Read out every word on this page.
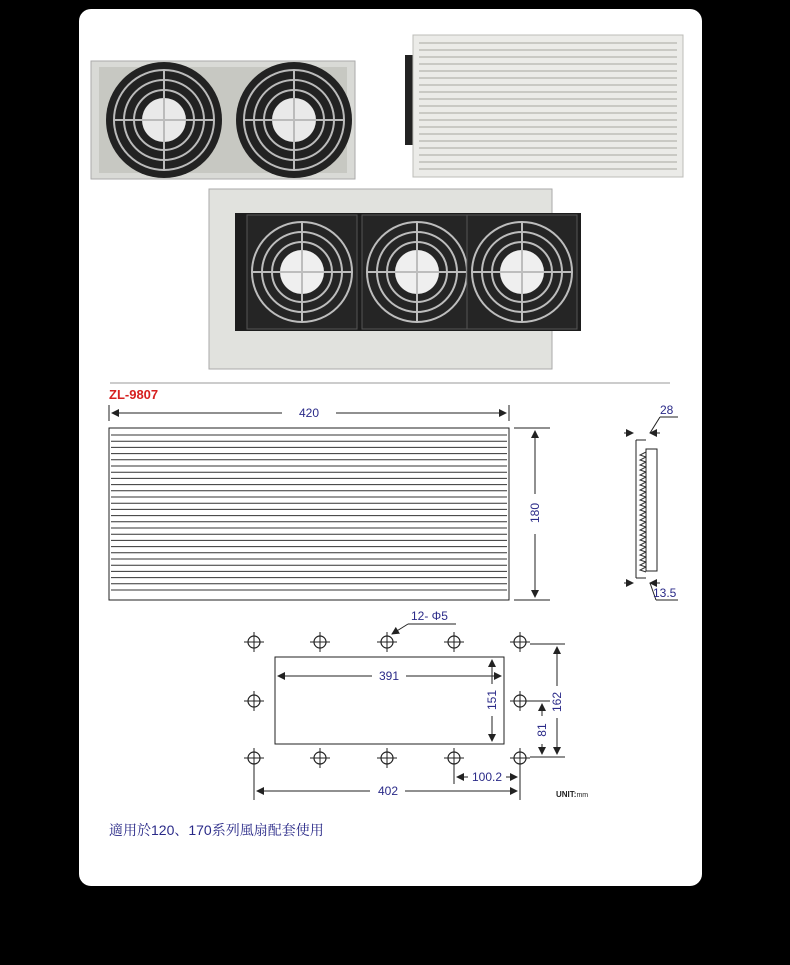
420
180
28
13.5
12- Φ5
391
151	162
81
100.2
402
ZL-9807
UNIT:mm
適用於120、170系列風扇配套使用
